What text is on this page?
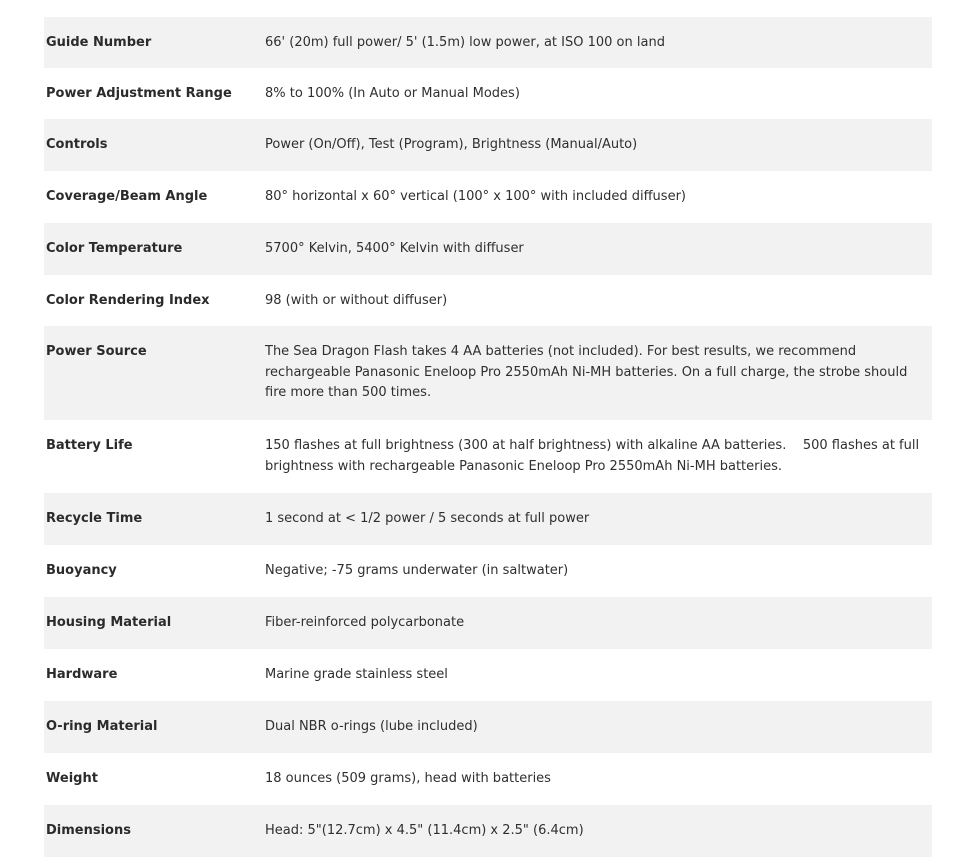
Guide Number	66' (20m) full power/ 5' (1.5m) low power, at ISO 100 on land
Power Adjustment Range	8% to 100% (In Auto or Manual Modes)
Controls	Power (On/Off), Test (Program), Brightness (Manual/Auto)
Coverage/Beam Angle	80° horizontal x 60° vertical (100° x 100° with included diffuser)
Color Temperature	5700° Kelvin, 5400° Kelvin with diffuser
Color Rendering Index	98 (with or without diffuser)
Power Source	The Sea Dragon Flash takes 4 AA batteries (not included). For best results, we recommend rechargeable Panasonic Eneloop Pro 2550mAh Ni-MH batteries. On a full charge, the strobe should fire more than 500 times.
Battery Life	150 flashes at full brightness (300 at half brightness) with alkaline AA batteries.    500 flashes at full brightness with rechargeable Panasonic Eneloop Pro 2550mAh Ni-MH batteries.
Recycle Time	1 second at < 1/2 power / 5 seconds at full power
Buoyancy	Negative; -75 grams underwater (in saltwater)
Housing Material	Fiber-reinforced polycarbonate
Hardware	Marine grade stainless steel
O-ring Material	Dual NBR o-rings (lube included)
Weight	18 ounces (509 grams), head with batteries
Dimensions	Head: 5"(12.7cm) x 4.5" (11.4cm) x 2.5" (6.4cm)
